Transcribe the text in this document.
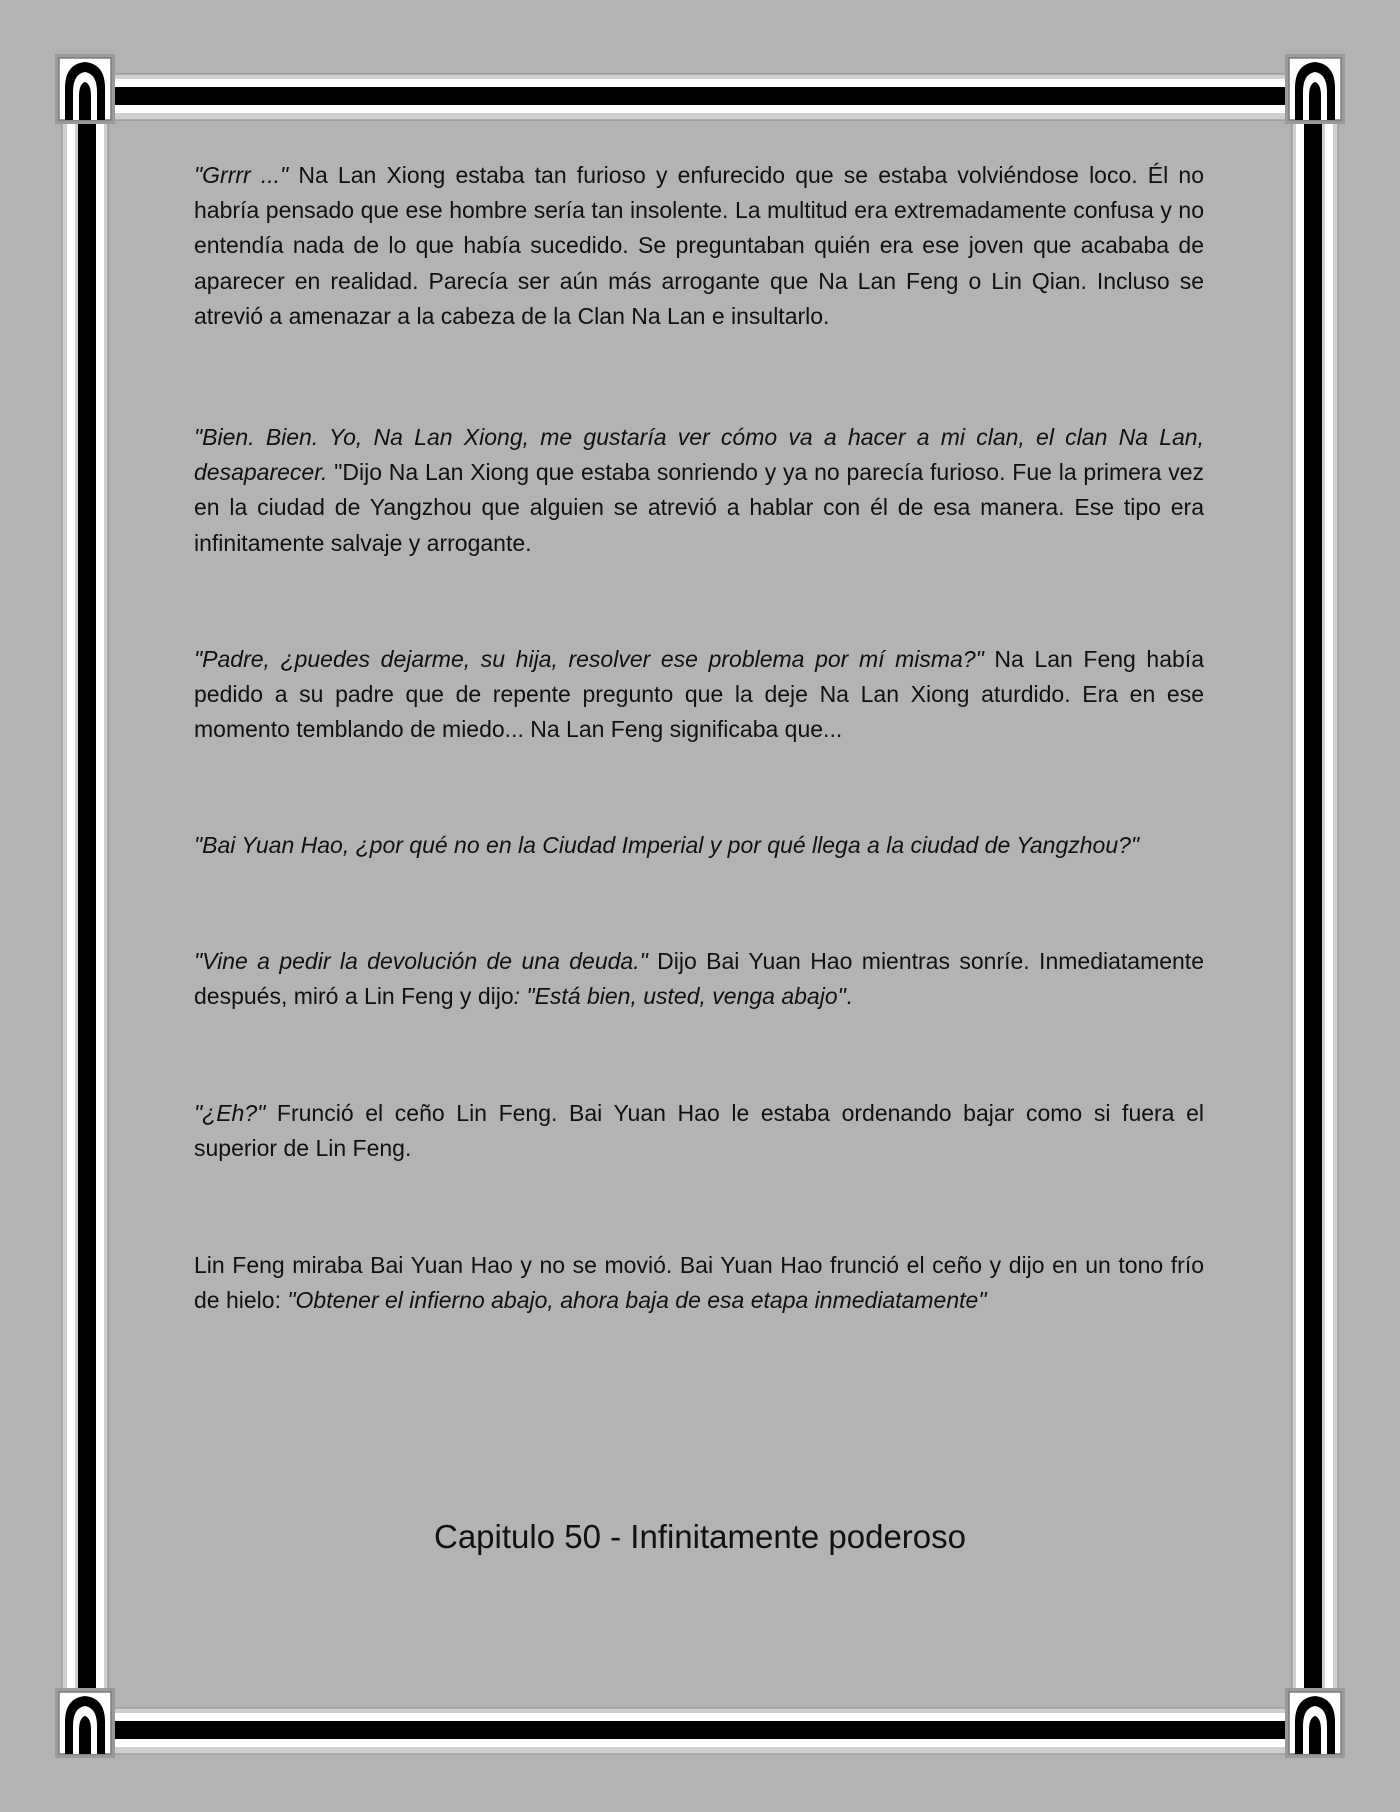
"Grrrr ..." Na Lan Xiong estaba tan furioso y enfurecido que se estaba volviéndose loco. Él no habría pensado que ese hombre sería tan insolente. La multitud era extremadamente confusa y no entendía nada de lo que había sucedido. Se preguntaban quién era ese joven que acababa de aparecer en realidad. Parecía ser aún más arrogante que Na Lan Feng o Lin Qian. Incluso se atrevió a amenazar a la cabeza de la Clan Na Lan e insultarlo.

"Bien. Bien. Yo, Na Lan Xiong, me gustaría ver cómo va a hacer a mi clan, el clan Na Lan, desaparecer. "Dijo Na Lan Xiong que estaba sonriendo y ya no parecía furioso. Fue la primera vez en la ciudad de Yangzhou que alguien se atrevió a hablar con él de esa manera. Ese tipo era infinitamente salvaje y arrogante.

"Padre, ¿puedes dejarme, su hija, resolver ese problema por mí misma?" Na Lan Feng había pedido a su padre que de repente pregunto que la deje Na Lan Xiong aturdido. Era en ese momento temblando de miedo... Na Lan Feng significaba que...

"Bai Yuan Hao, ¿por qué no en la Ciudad Imperial y por qué llega a la ciudad de Yangzhou?"

"Vine a pedir la devolución de una deuda." Dijo Bai Yuan Hao mientras sonríe. Inmediatamente después, miró a Lin Feng y dijo: "Está bien, usted, venga abajo".

"¿Eh?" Frunció el ceño Lin Feng. Bai Yuan Hao le estaba ordenando bajar como si fuera el superior de Lin Feng.

Lin Feng miraba Bai Yuan Hao y no se movió. Bai Yuan Hao frunció el ceño y dijo en un tono frío de hielo: "Obtener el infierno abajo, ahora baja de esa etapa inmediatamente"

Capitulo 50 - Infinitamente poderoso
